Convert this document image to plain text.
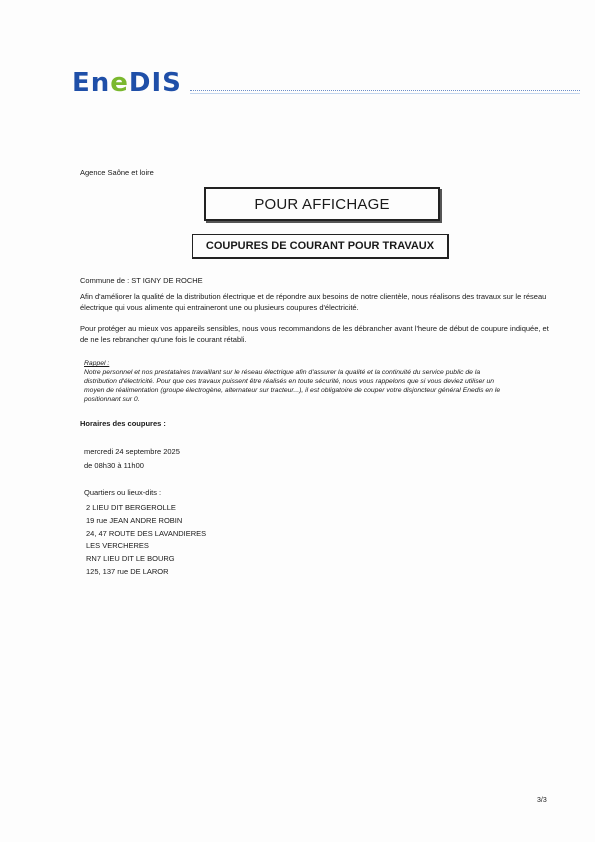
EneDIS
Agence Saône et loire
POUR AFFICHAGE
COUPURES DE COURANT POUR TRAVAUX
Commune de : ST IGNY DE ROCHE
Afin d'améliorer la qualité de la distribution électrique et de répondre aux besoins de notre clientèle, nous réalisons des travaux sur le réseau électrique qui vous alimente qui entraineront une ou plusieurs coupures d'électricité.
Pour protéger au mieux vos appareils sensibles, nous vous recommandons de les débrancher avant l'heure de début de coupure indiquée, et de ne les rebrancher qu'une fois le courant rétabli.
Rappel :
Notre personnel et nos prestataires travaillant sur le réseau électrique afin d'assurer la qualité et la continuité du service public de la distribution d'électricité. Pour que ces travaux puissent être réalisés en toute sécurité, nous vous rappelons que si vous deviez utiliser un moyen de réalimentation (groupe électrogène, alternateur sur tracteur...), il est obligatoire de couper votre disjoncteur général Enedis en le positionnant sur 0.
Horaires des coupures :
mercredi 24 septembre 2025
de 08h30 à 11h00
Quartiers ou lieux-dits :
2 LIEU DIT BERGEROLLE
19 rue JEAN ANDRE ROBIN
24, 47 ROUTE DES LAVANDIERES
LES VERCHERES
RN7 LIEU DIT LE BOURG
125, 137 rue DE LAROR
3/3
